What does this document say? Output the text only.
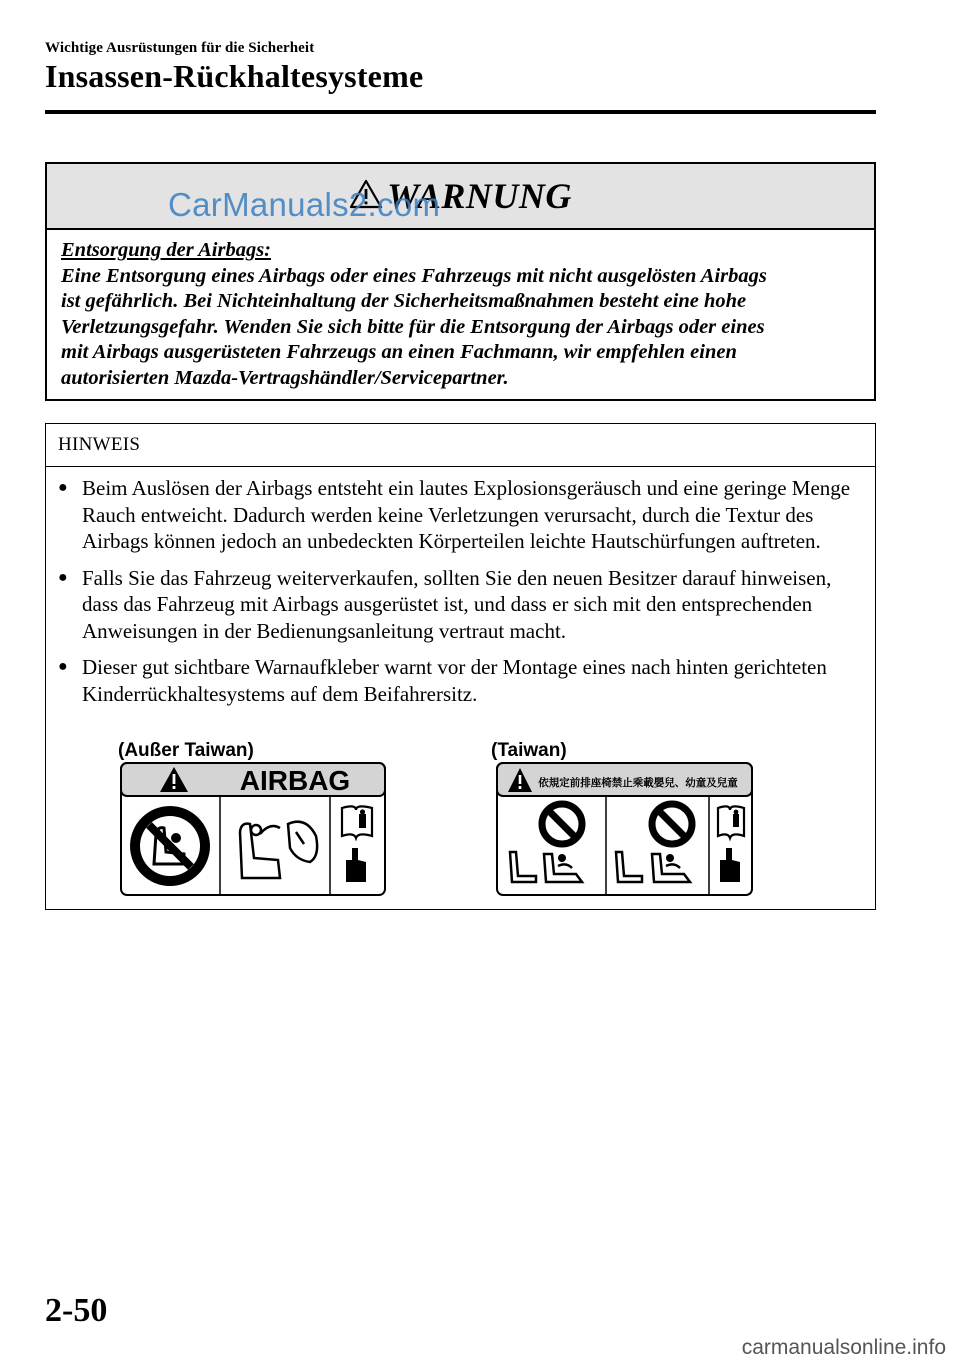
Wichtige Ausrüstungen für die Sicherheit
Insassen-Rückhaltesysteme
WARNUNG
Entsorgung der Airbags:
Eine Entsorgung eines Airbags oder eines Fahrzeugs mit nicht ausgelösten Airbags
ist gefährlich. Bei Nichteinhaltung der Sicherheitsmaßnahmen besteht eine hohe
Verletzungsgefahr. Wenden Sie sich bitte für die Entsorgung der Airbags oder eines
mit Airbags ausgerüsteten Fahrzeugs an einen Fachmann, wir empfehlen einen
autorisierten Mazda-Vertragshändler/Servicepartner.
CarManuals2.com
HINWEIS
● Beim Auslösen der Airbags entsteht ein lautes Explosionsgeräusch und eine geringe Menge Rauch entweicht. Dadurch werden keine Verletzungen verursacht, durch die Textur des Airbags können jedoch an unbedeckten Körperteilen leichte Hautschürfungen auftreten.
● Falls Sie das Fahrzeug weiterverkaufen, sollten Sie den neuen Besitzer darauf hinweisen, dass das Fahrzeug mit Airbags ausgerüstet ist, und dass er sich mit den entsprechenden Anweisungen in der Bedienungsanleitung vertraut macht.
● Dieser gut sichtbare Warnaufkleber warnt vor der Montage eines nach hinten gerichteten Kinderrückhaltesystems auf dem Beifahrersitz.
(Außer Taiwan)	(Taiwan)
AIRBAG	依規定前排座椅禁止乘載嬰兒、幼童及兒童
2-50
carmanualsonline.info
